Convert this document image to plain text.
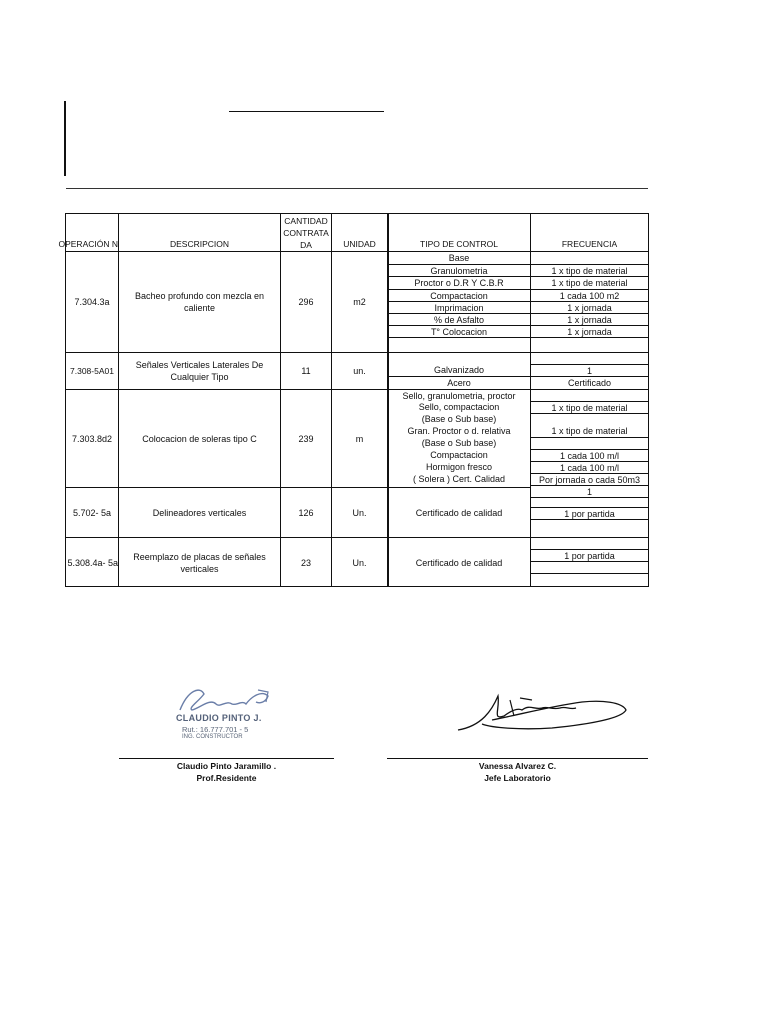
OPERACIÓN N
7.304.3a
7.308-5A01
7.303.8d2
5.702- 5a
5.308.4a- 5a
DESCRIPCION
Bacheo profundo con mezcla en caliente
Señales Verticales Laterales De Cualquier Tipo
Colocacion de soleras tipo C
Delineadores verticales
Reemplazo de placas de señales verticales
CANTIDAD
CONTRATA
DA
296
11
239
126
23
UNIDAD
m2
un.
m
Un.
Un.
TIPO DE CONTROL
Base
Granulometria
Proctor o D.R Y C.B.R
Compactacion
Imprimacion
% de Asfalto
T° Colocacion
Galvanizado
Acero
Sello, granulometria, proctor
Sello, compactacion
(Base o Sub base)
Gran. Proctor o d. relativa
(Base o Sub base)
Compactacion
Hormigon fresco
( Solera ) Cert. Calidad
Certificado de calidad
Certificado de calidad
FRECUENCIA
1 x tipo de material
1 x tipo de material
1 cada 100 m2
1 x jornada
1 x jornada
1 x jornada
1
Certificado
1 x tipo de material
1 x tipo de material
1 cada 100 m/l
Por jornada o cada 50m3
1 cada 100 m/l
1
1 por partida
1 por partida
CLAUDIO PINTO J.
Rut.: 16.777.701 - 5
ING. CONSTRUCTOR
Claudio Pinto Jaramillo .
Prof.Residente
Vanessa Alvarez C.
Jefe Laboratorio
